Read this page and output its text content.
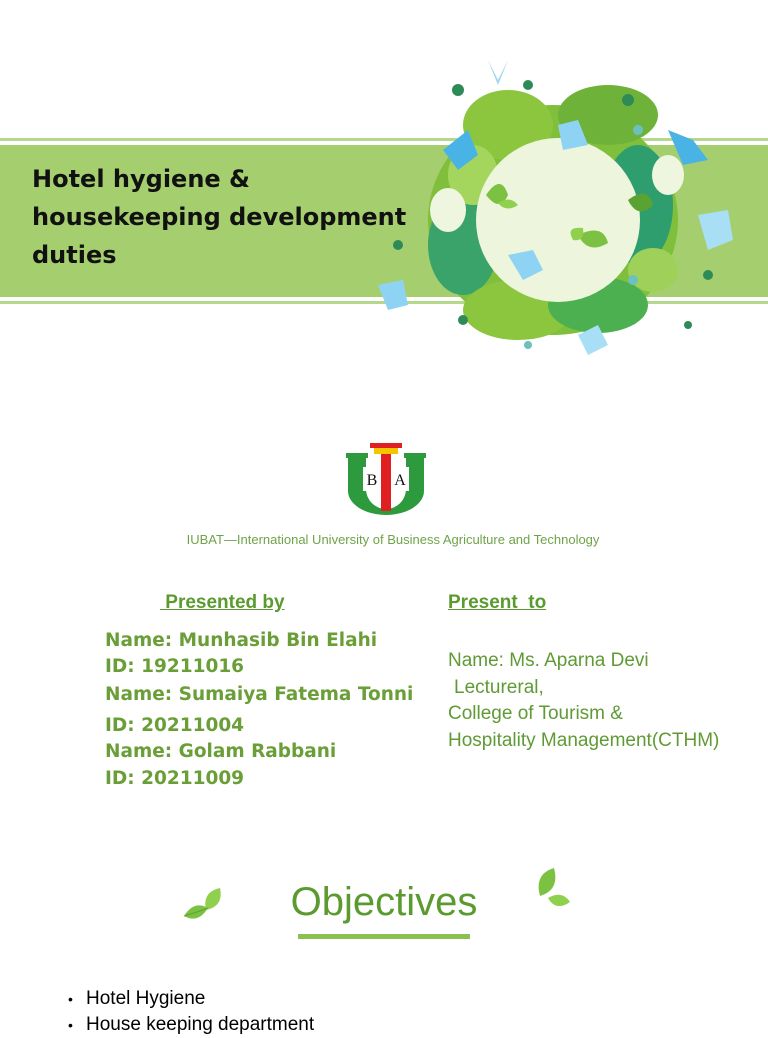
Hotel hygiene & housekeeping development duties
B A
IUBAT—International University of Business Agriculture and Technology
Presented by
Name: Munhasib Bin Elahi
ID: 19211016
Name: Sumaiya Fatema Tonni
ID: 20211004
Name: Golam Rabbani
ID: 20211009
Present  to
Name: Ms. Aparna Devi
Lectureral,
College of Tourism &
Hospitality Management(CTHM)
Objectives
• Hotel Hygiene
• House keeping department
